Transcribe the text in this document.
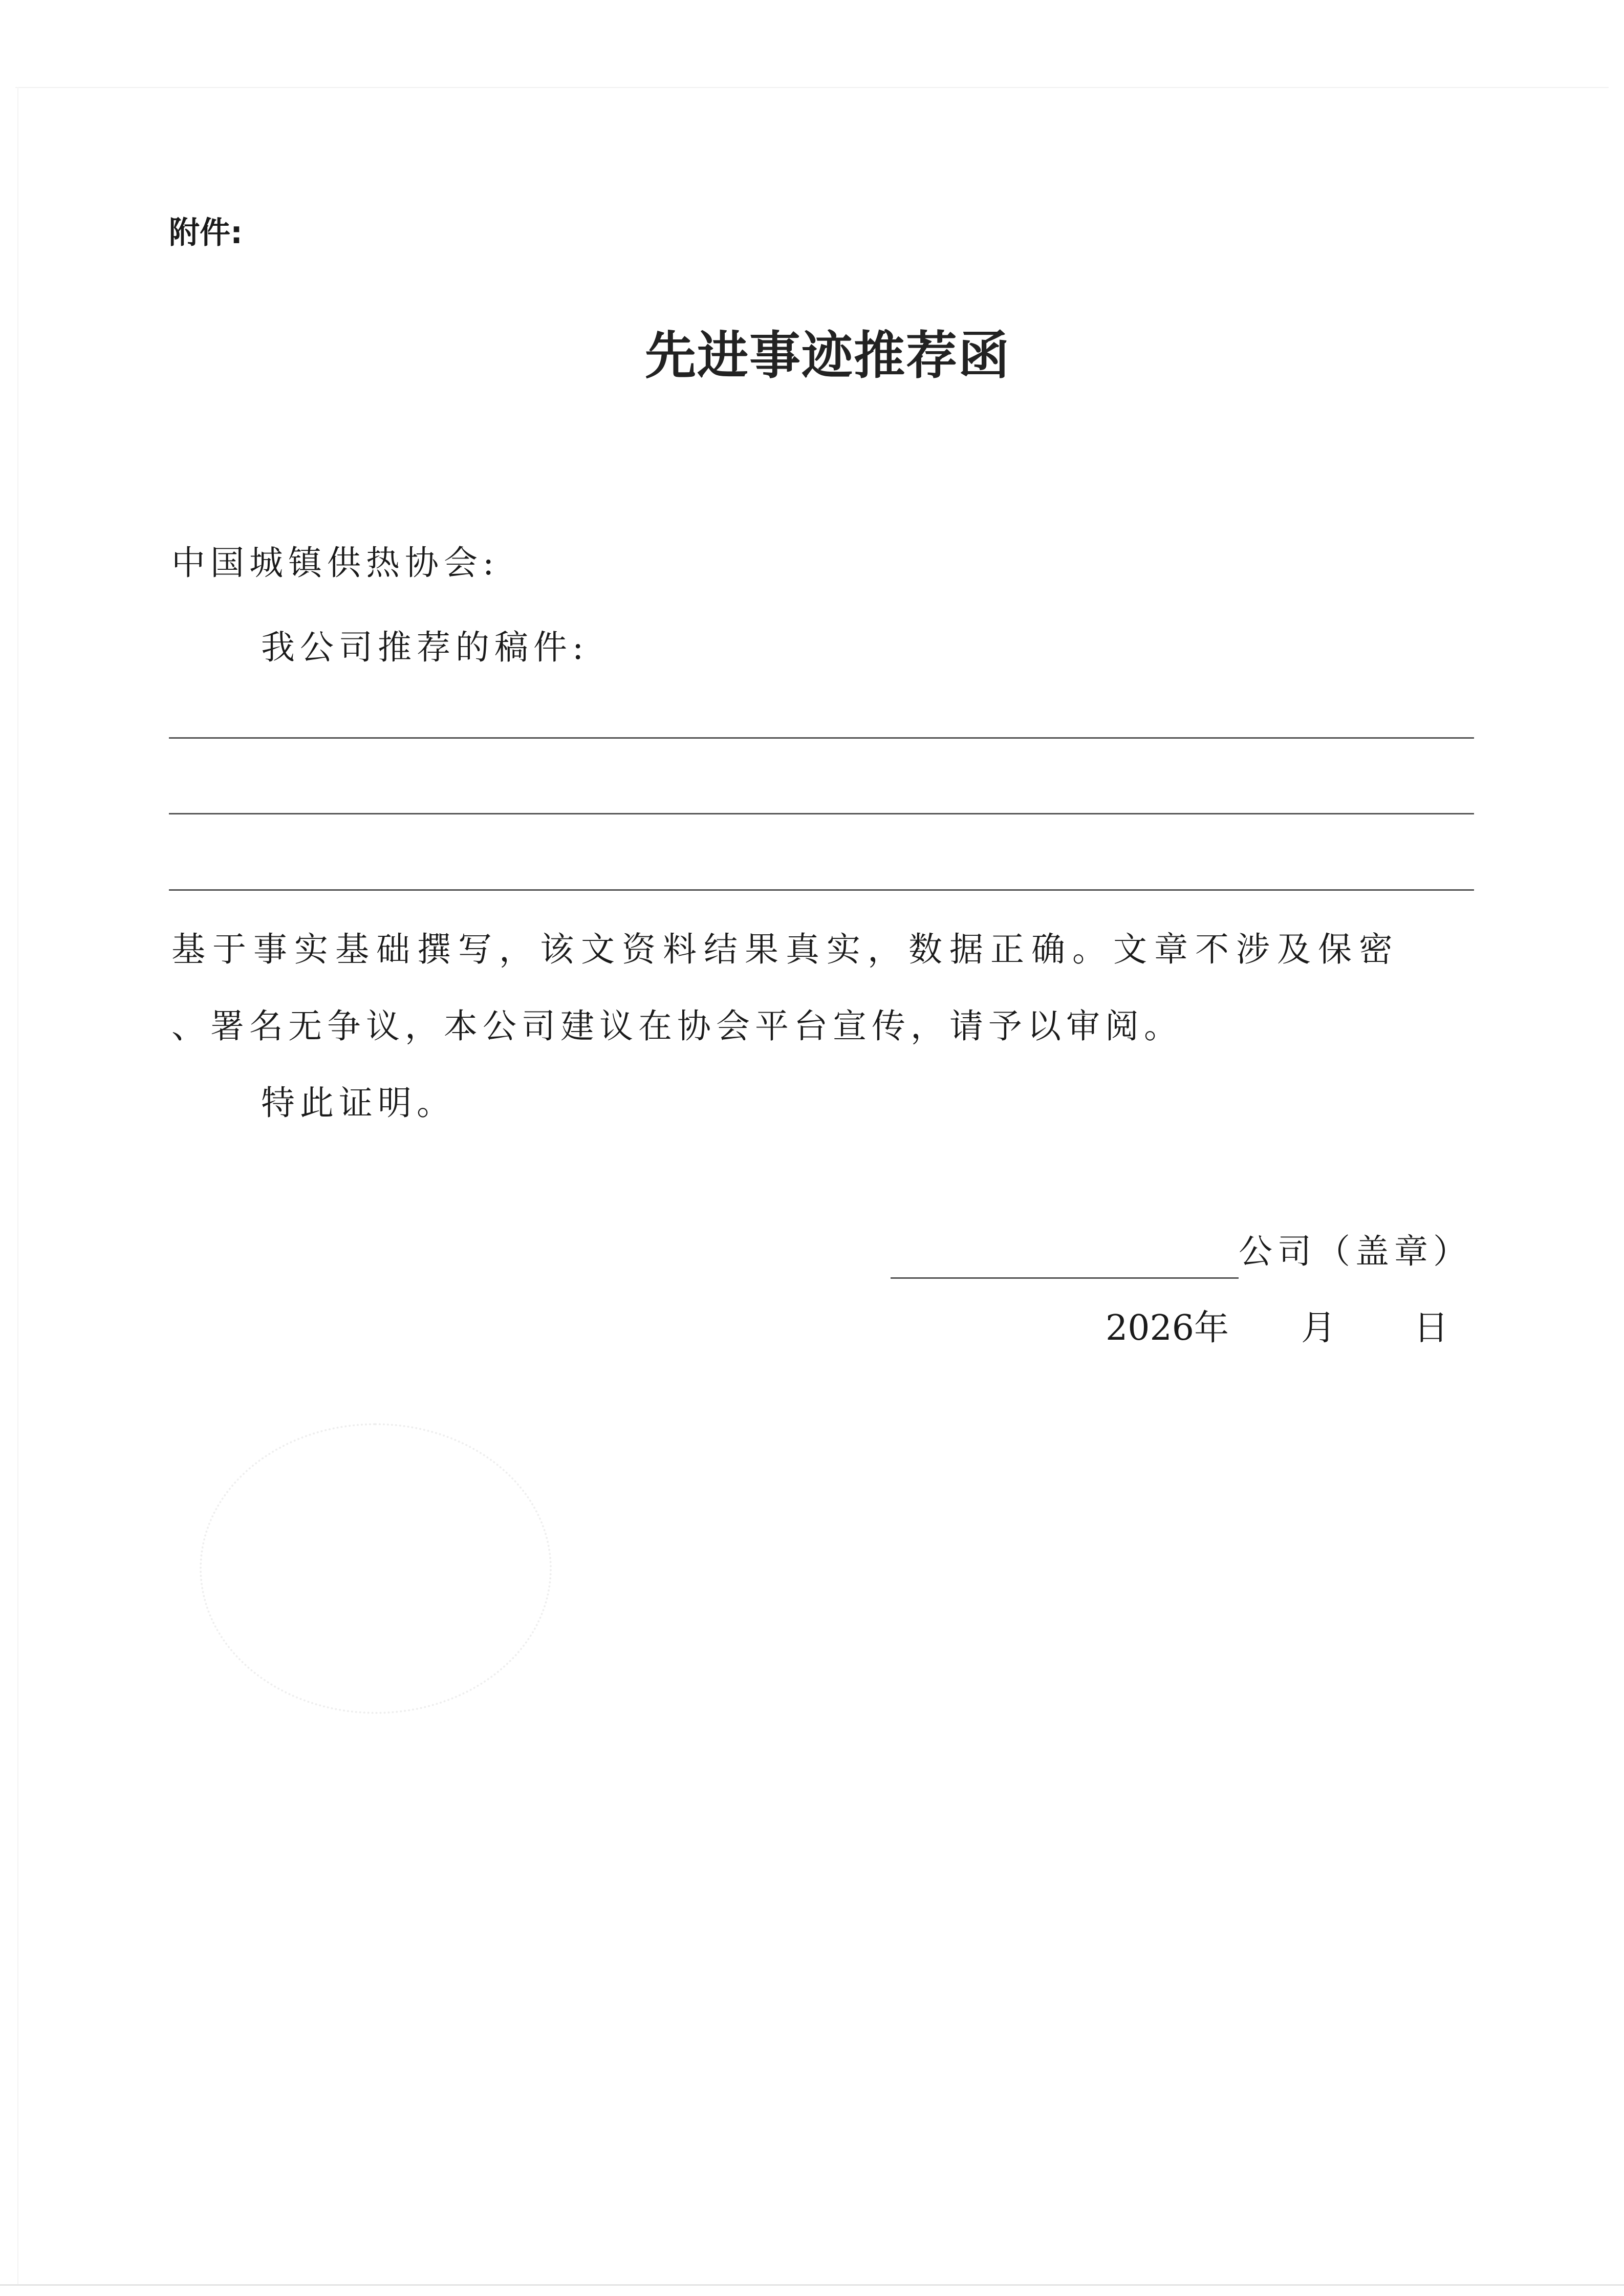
附件:
先进事迹推荐函
中国城镇供热协会:
我公司推荐的稿件:
基于事实基础撰写，该文资料结果真实，数据正确。文章不涉及保密
、署名无争议，本公司建议在协会平台宣传，请予以审阅。
特此证明。
公司（盖章）
2026年 月 日
